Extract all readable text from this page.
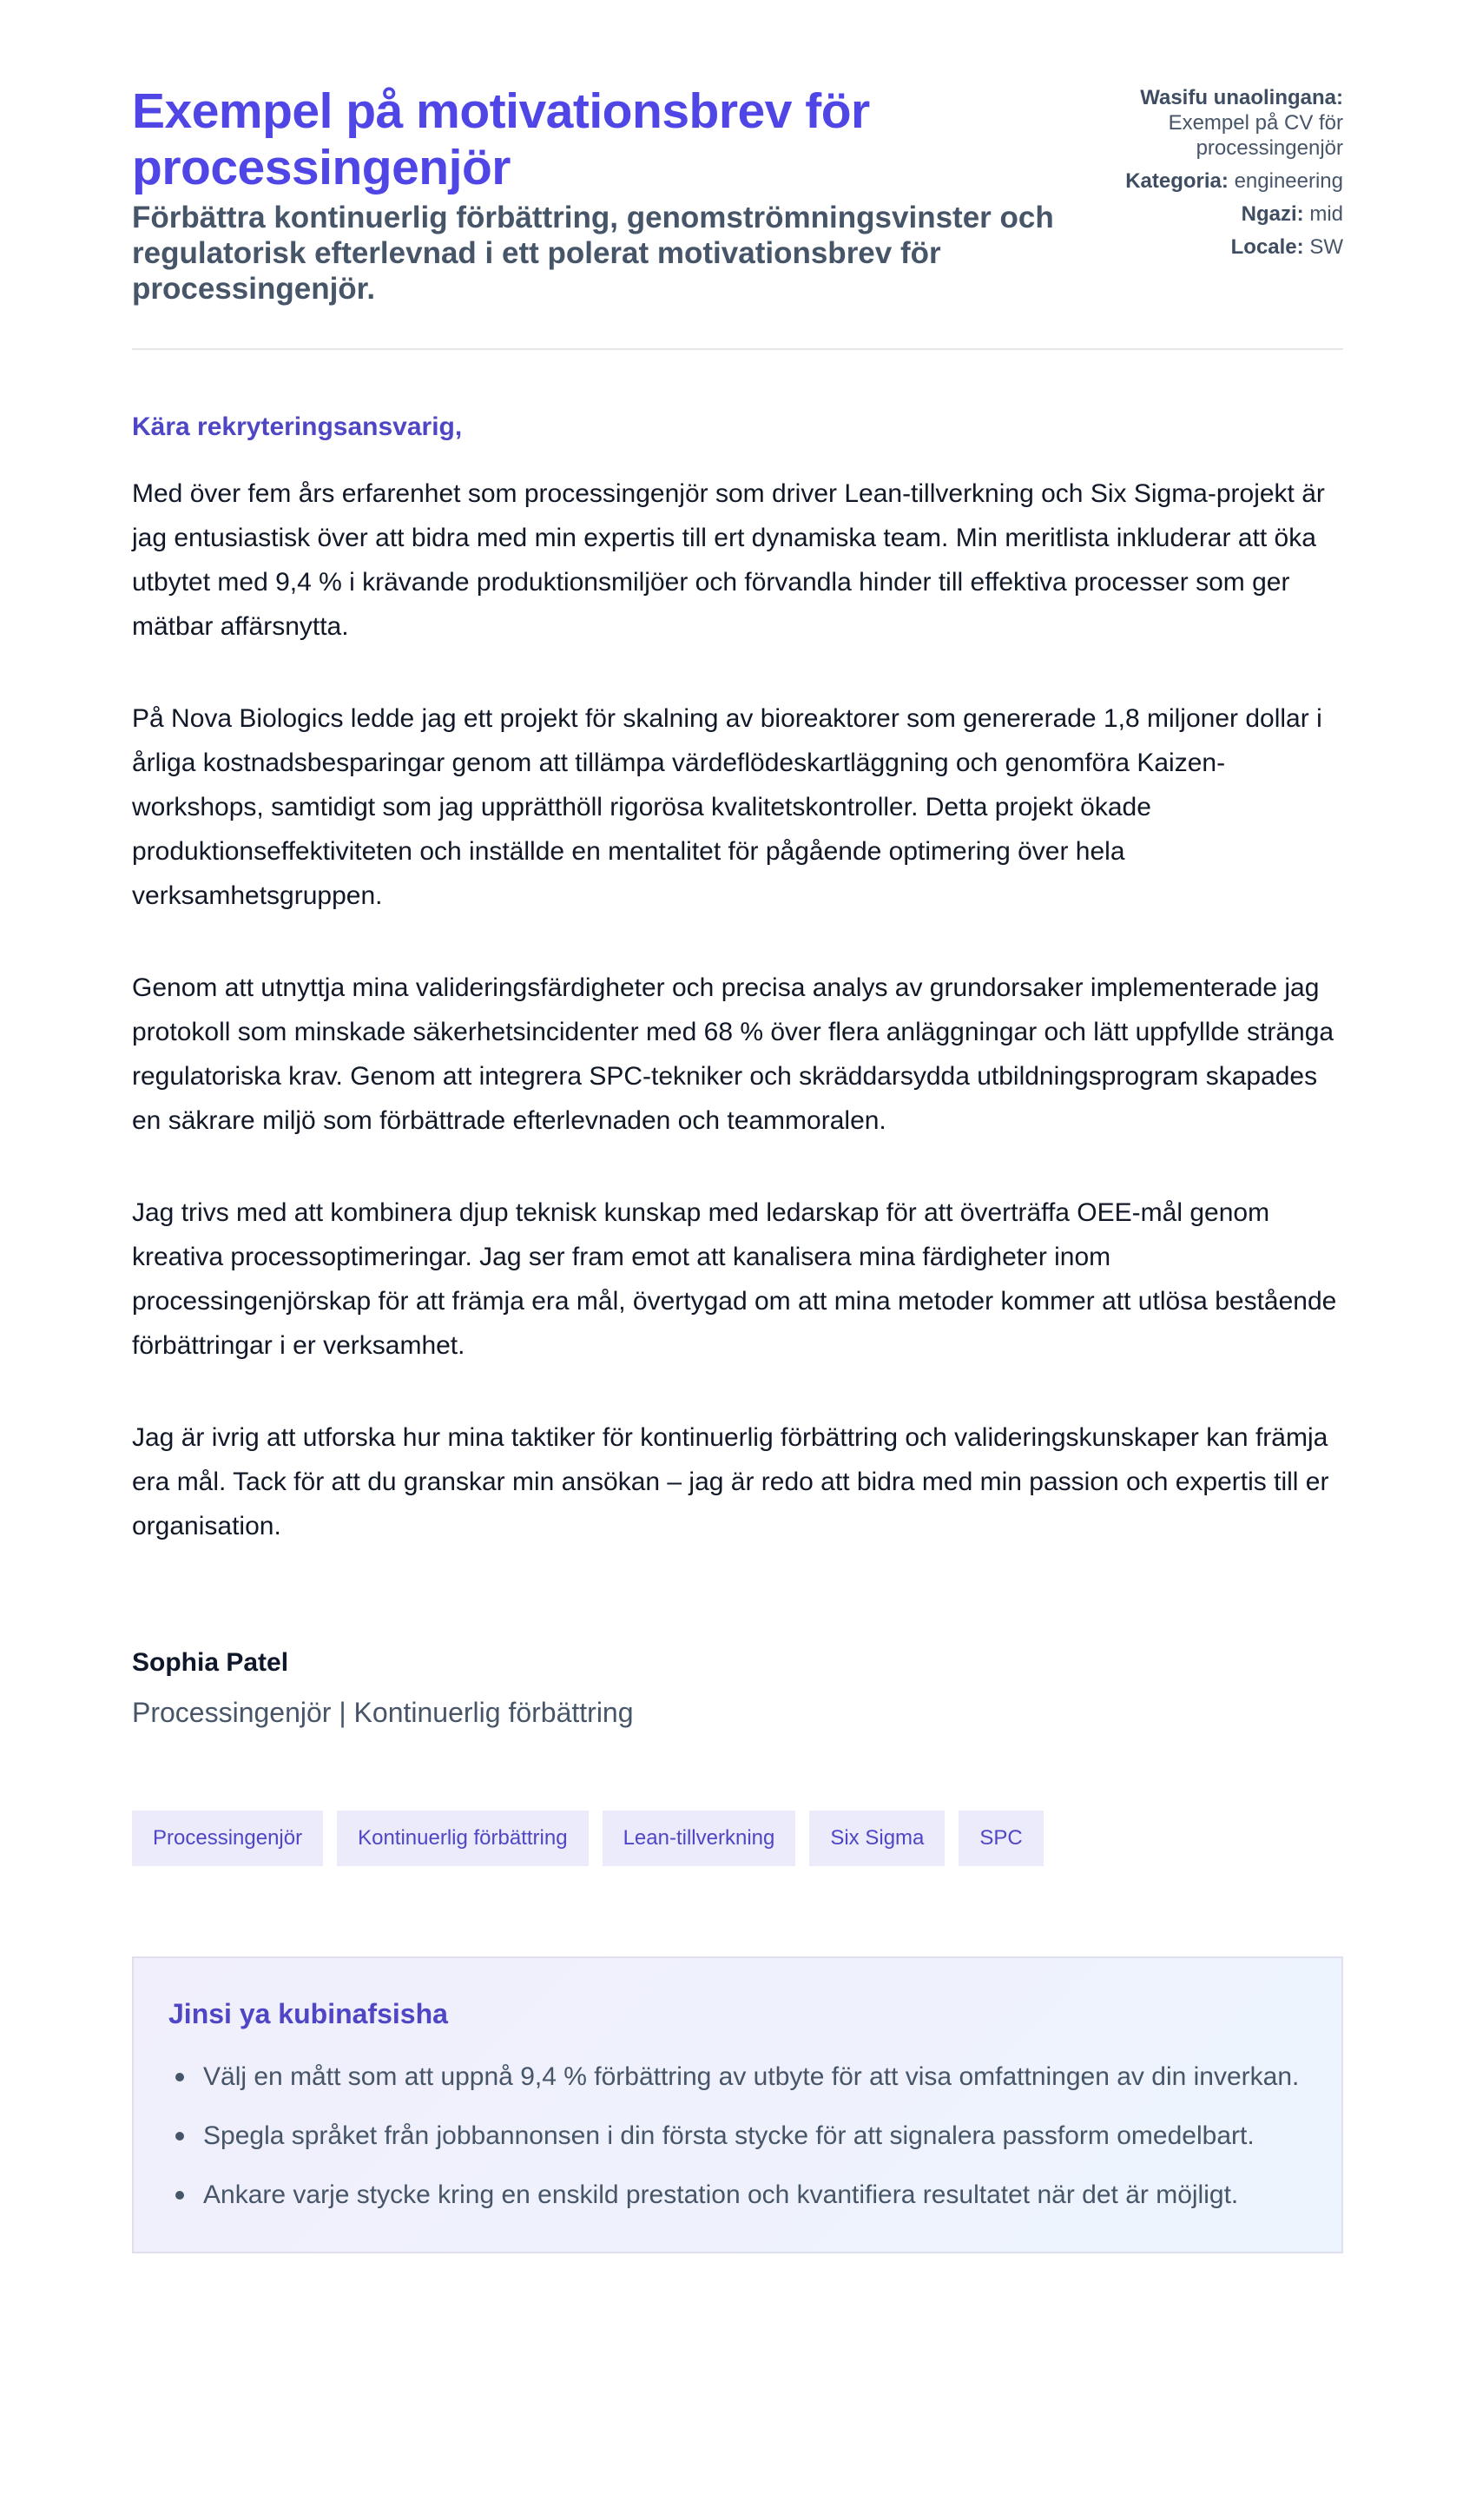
Exempel på motivationsbrev för processingenjör

Förbättra kontinuerlig förbättring, genomströmningsvinster och regulatorisk efterlevnad i ett polerat motivationsbrev för processingenjör.

Wasifu unaolingana: Exempel på CV för processingenjör
Kategoria: engineering
Ngazi: mid
Locale: SW

Kära rekryteringsansvarig,

Med över fem års erfarenhet som processingenjör som driver Lean-tillverkning och Six Sigma-projekt är jag entusiastisk över att bidra med min expertis till ert dynamiska team. Min meritlista inkluderar att öka utbytet med 9,4 % i krävande produktionsmiljöer och förvandla hinder till effektiva processer som ger mätbar affärsnytta.

På Nova Biologics ledde jag ett projekt för skalning av bioreaktorer som genererade 1,8 miljoner dollar i årliga kostnadsbesparingar genom att tillämpa värdeflödeskartläggning och genomföra Kaizen-workshops, samtidigt som jag upprätthöll rigorösa kvalitetskontroller. Detta projekt ökade produktionseffektiviteten och inställde en mentalitet för pågående optimering över hela verksamhetsgruppen.

Genom att utnyttja mina valideringsfärdigheter och precisa analys av grundorsaker implementerade jag protokoll som minskade säkerhetsincidenter med 68 % över flera anläggningar och lätt uppfyllde stränga regulatoriska krav. Genom att integrera SPC-tekniker och skräddarsydda utbildningsprogram skapades en säkrare miljö som förbättrade efterlevnaden och teammoralen.

Jag trivs med att kombinera djup teknisk kunskap med ledarskap för att överträffa OEE-mål genom kreativa processoptimeringar. Jag ser fram emot att kanalisera mina färdigheter inom processingenjörskap för att främja era mål, övertygad om att mina metoder kommer att utlösa bestående förbättringar i er verksamhet.

Jag är ivrig att utforska hur mina taktiker för kontinuerlig förbättring och valideringskunskaper kan främja era mål. Tack för att du granskar min ansökan – jag är redo att bidra med min passion och expertis till er organisation.

Sophia Patel
Processingenjör | Kontinuerlig förbättring
Processingenjör	Kontinuerlig förbättring	Lean-tillverkning	Six Sigma	SPC
Jinsi ya kubinafsisha
Välj en mått som att uppnå 9,4 % förbättring av utbyte för att visa omfattningen av din inverkan.
Spegla språket från jobbannonsen i din första stycke för att signalera passform omedelbart.
Ankare varje stycke kring en enskild prestation och kvantifiera resultatet när det är möjligt.
